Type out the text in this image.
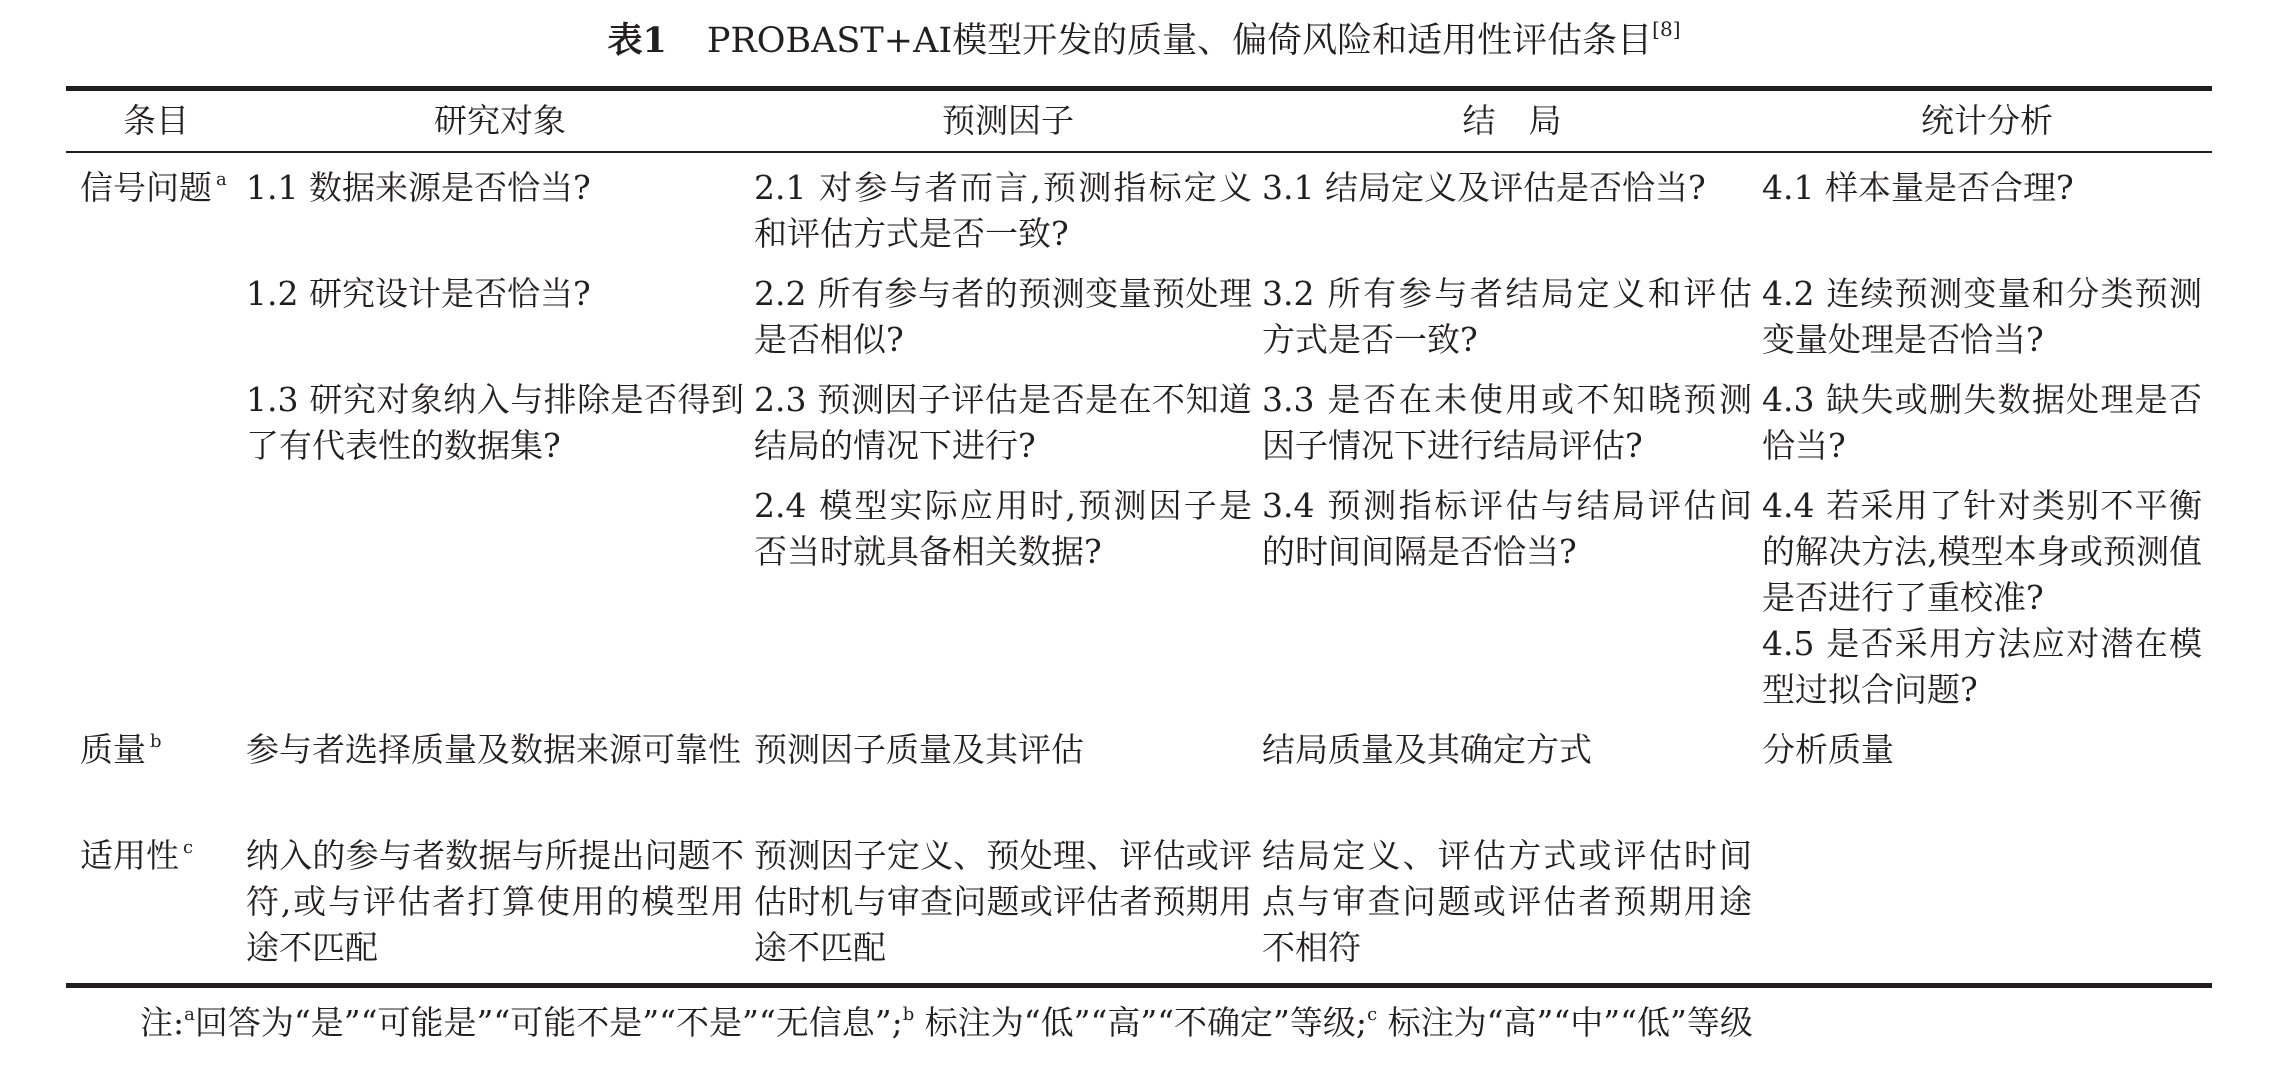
表1 PROBAST+AI模型开发的质量、偏倚风险和适用性评估条目[8]
条目	研究对象	预测因子	结　局	统计分析
信号问题 $^a$	1.1 数据来源是否恰当?	2.1 对参与者而言,预测指标定义和评估方式是否一致?	3.1 结局定义及评估是否恰当?	4.1 样本量是否合理?
	1.2 研究设计是否恰当?	2.2 所有参与者的预测变量预处理是否相似?	3.2 所有参与者结局定义和评估方式是否一致?	4.2 连续预测变量和分类预测变量处理是否恰当?
	1.3 研究对象纳入与排除是否得到了有代表性的数据集?	2.3 预测因子评估是否是在不知道结局的情况下进行?	3.3 是否在未使用或不知晓预测因子情况下进行结局评估?	4.3 缺失或删失数据处理是否恰当?
		2.4 模型实际应用时,预测因子是否当时就具备相关数据?	3.4 预测指标评估与结局评估间的时间间隔是否恰当?	4.4 若采用了针对类别不平衡的解决方法,模型本身或预测值是否进行了重校准?
				4.5 是否采用方法应对潜在模型过拟合问题?
质量 $^b$	参与者选择质量及数据来源可靠性	预测因子质量及其评估	结局质量及其确定方式	分析质量
适用性 $^c$	纳入的参与者数据与所提出问题不符,或与评估者打算使用的模型用途不匹配	预测因子定义、预处理、评估或评估时机与审查问题或评估者预期用途不匹配	结局定义、评估方式或评估时间点与审查问题或评估者预期用途不相符	
注:$^a$回答为“是”“可能是”“可能不是”“不是”“无信息”;$^b$ 标注为“低”“高”“不确定”等级;$^c$ 标注为“高”“中”“低”等级
